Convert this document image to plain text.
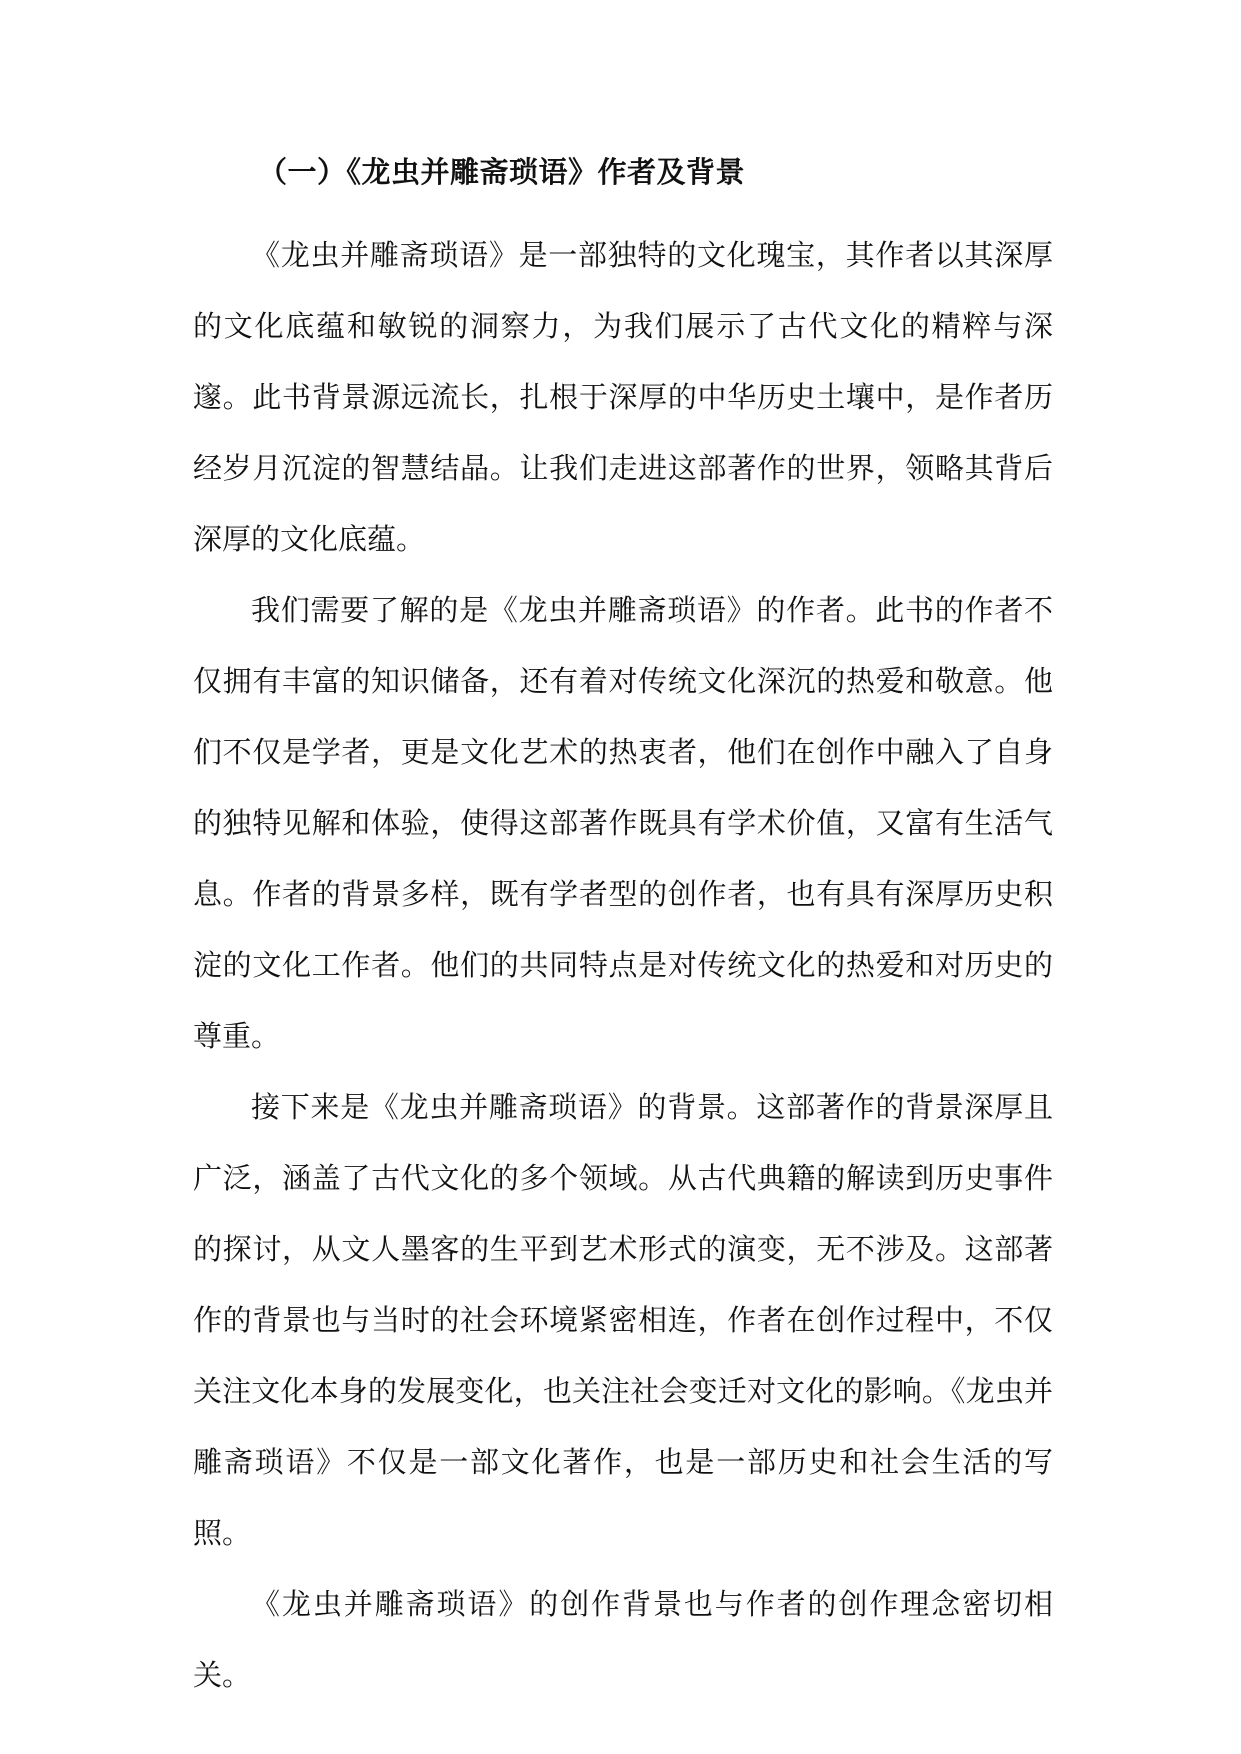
（一）《龙虫并雕斋琐语》作者及背景

《龙虫并雕斋琐语》是一部独特的文化瑰宝，其作者以其深厚的文化底蕴和敏锐的洞察力，为我们展示了古代文化的精粹与深邃。此书背景源远流长，扎根于深厚的中华历史土壤中，是作者历经岁月沉淀的智慧结晶。让我们走进这部著作的世界，领略其背后深厚的文化底蕴。

我们需要了解的是《龙虫并雕斋琐语》的作者。此书的作者不仅拥有丰富的知识储备，还有着对传统文化深沉的热爱和敬意。他们不仅是学者，更是文化艺术的热衷者，他们在创作中融入了自身的独特见解和体验，使得这部著作既具有学术价值，又富有生活气息。作者的背景多样，既有学者型的创作者，也有具有深厚历史积淀的文化工作者。他们的共同特点是对传统文化的热爱和对历史的尊重。

接下来是《龙虫并雕斋琐语》的背景。这部著作的背景深厚且广泛，涵盖了古代文化的多个领域。从古代典籍的解读到历史事件的探讨，从文人墨客的生平到艺术形式的演变，无不涉及。这部著作的背景也与当时的社会环境紧密相连，作者在创作过程中，不仅关注文化本身的发展变化，也关注社会变迁对文化的影响。《龙虫并雕斋琐语》不仅是一部文化著作，也是一部历史和社会生活的写照。

《龙虫并雕斋琐语》的创作背景也与作者的创作理念密切相关。
